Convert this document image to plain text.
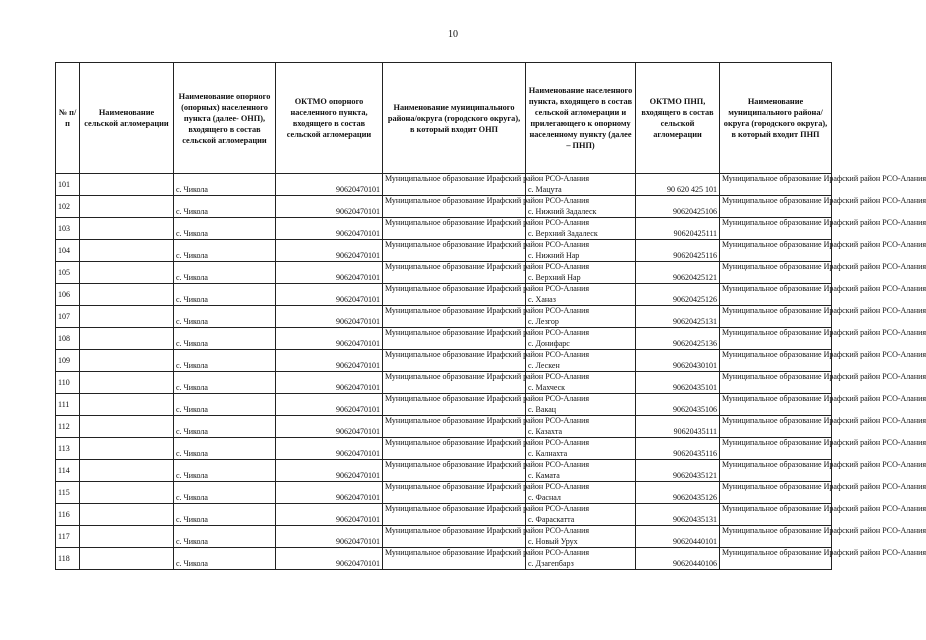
10
№ п/п	Наименование сельской агломерации	Наименование опорного (опорных) населенного пункта (далее- ОНП), входящего в состав сельской агломерации	ОКТМО опорного населенного пункта, входящего в состав сельской агломерации	Наименование муниципального района/округа (городского округа), в который входит ОНП	Наименование населенного пункта, входящего в состав сельской агломерации и прилегающего к опорному населенному пункту (далее – ПНП)	ОКТМО ПНП, входящего в состав сельской агломерации	Наименование муниципального района/округа (городского округа), в который входит ПНП
101		с. Чикола	90620470101	Муниципальное образование Ирафский район РСО-Алания	с. Мацута	90 620 425 101	Муниципальное образование Ирафский район РСО-Алания
102		с. Чикола	90620470101	Муниципальное образование Ирафский район РСО-Алания	с. Нижний Задалеск	90620425106	Муниципальное образование Ирафский район РСО-Алания
103		с. Чикола	90620470101	Муниципальное образование Ирафский район РСО-Алания	с. Верхний Задалеск	90620425111	Муниципальное образование Ирафский район РСО-Алания
104		с. Чикола	90620470101	Муниципальное образование Ирафский район РСО-Алания	с. Нижний Нар	90620425116	Муниципальное образование Ирафский район РСО-Алания
105		с. Чикола	90620470101	Муниципальное образование Ирафский район РСО-Алания	с. Верхний Нар	90620425121	Муниципальное образование Ирафский район РСО-Алания
106		с. Чикола	90620470101	Муниципальное образование Ирафский район РСО-Алания	с. Ханаз	90620425126	Муниципальное образование Ирафский район РСО-Алания
107		с. Чикола	90620470101	Муниципальное образование Ирафский район РСО-Алания	с. Лезгор	90620425131	Муниципальное образование Ирафский район РСО-Алания
108		с. Чикола	90620470101	Муниципальное образование Ирафский район РСО-Алания	с. Донифарс	90620425136	Муниципальное образование Ирафский район РСО-Алания
109		с. Чикола	90620470101	Муниципальное образование Ирафский район РСО-Алания	с. Лескен	90620430101	Муниципальное образование Ирафский район РСО-Алания
110		с. Чикола	90620470101	Муниципальное образование Ирафский район РСО-Алания	с. Махческ	90620435101	Муниципальное образование Ирафский район РСО-Алания
111		с. Чикола	90620470101	Муниципальное образование Ирафский район РСО-Алания	с. Вакац	90620435106	Муниципальное образование Ирафский район РСО-Алания
112		с. Чикола	90620470101	Муниципальное образование Ирафский район РСО-Алания	с. Казахта	90620435111	Муниципальное образование Ирафский район РСО-Алания
113		с. Чикола	90620470101	Муниципальное образование Ирафский район РСО-Алания	с. Калнахта	90620435116	Муниципальное образование Ирафский район РСО-Алания
114		с. Чикола	90620470101	Муниципальное образование Ирафский район РСО-Алания	с. Камата	90620435121	Муниципальное образование Ирафский район РСО-Алания
115		с. Чикола	90620470101	Муниципальное образование Ирафский район РСО-Алания	с. Фаснал	90620435126	Муниципальное образование Ирафский район РСО-Алания
116		с. Чикола	90620470101	Муниципальное образование Ирафский район РСО-Алания	с. Фараскатта	90620435131	Муниципальное образование Ирафский район РСО-Алания
117		с. Чикола	90620470101	Муниципальное образование Ирафский район РСО-Алания	с. Новый Урух	90620440101	Муниципальное образование Ирафский район РСО-Алания
118		с. Чикола	90620470101	Муниципальное образование Ирафский район РСО-Алания	с. Дзагепбарз	90620440106	Муниципальное образование Ирафский район РСО-Алания
